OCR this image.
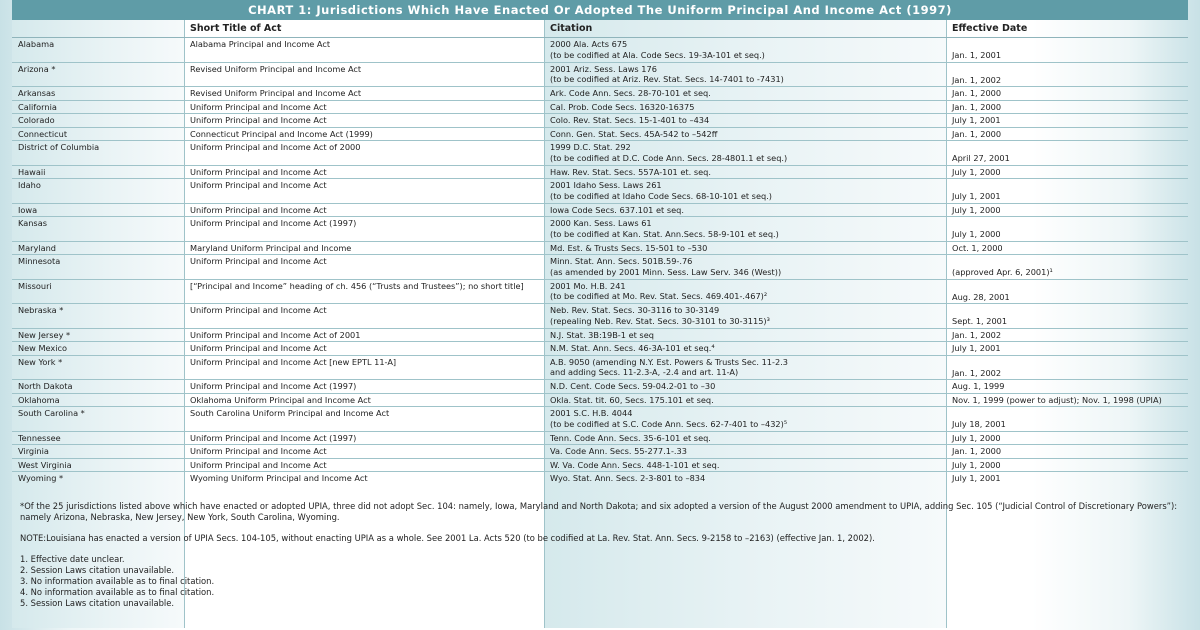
CHART 1: Jurisdictions Which Have Enacted Or Adopted The Uniform Principal And Income Act (1997)
	Short Title of Act	Citation	Effective Date
Alabama	Alabama Principal and Income Act	2000 Ala. Acts 675
(to be codified at Ala. Code Secs. 19-3A-101 et seq.)	Jan. 1, 2001
Arizona *	Revised Uniform Principal and Income Act	2001 Ariz. Sess. Laws 176
(to be codified at Ariz. Rev. Stat. Secs. 14-7401 to -7431)	Jan. 1, 2002
Arkansas	Revised Uniform Principal and Income Act	Ark. Code Ann. Secs. 28-70-101 et seq.	Jan. 1, 2000
California	Uniform Principal and Income Act	Cal. Prob. Code Secs. 16320-16375	Jan. 1, 2000
Colorado	Uniform Principal and Income Act	Colo. Rev. Stat. Secs. 15-1-401 to –434	July 1, 2001
Connecticut	Connecticut Principal and Income Act (1999)	Conn. Gen. Stat. Secs. 45A-542 to –542ff	Jan. 1, 2000
District of Columbia	Uniform Principal and Income Act of 2000	1999 D.C. Stat. 292
(to be codified at D.C. Code Ann. Secs. 28-4801.1 et seq.)	April 27, 2001
Hawaii	Uniform Principal and Income Act	Haw. Rev. Stat. Secs. 557A-101 et. seq.	July 1, 2000
Idaho	Uniform Principal and Income Act	2001 Idaho Sess. Laws 261
(to be codified at Idaho Code Secs. 68-10-101 et seq.)	July 1, 2001
Iowa	Uniform Principal and Income Act	Iowa Code Secs. 637.101 et seq.	July 1, 2000
Kansas	Uniform Principal and Income Act (1997)	2000 Kan. Sess. Laws 61
(to be codified at Kan. Stat. Ann.Secs. 58-9-101 et seq.)	July 1, 2000
Maryland	Maryland Uniform Principal and Income	Md. Est. & Trusts Secs. 15-501 to –530	Oct. 1, 2000
Minnesota	Uniform Principal and Income Act	Minn. Stat. Ann. Secs. 501B.59-.76
(as amended by 2001 Minn. Sess. Law Serv. 346 (West))	(approved Apr. 6, 2001)¹
Missouri	[“Principal and Income” heading of ch. 456 (“Trusts and Trustees”); no short title]	2001 Mo. H.B. 241
(to be codified at Mo. Rev. Stat. Secs. 469.401-.467)²	Aug. 28, 2001
Nebraska *	Uniform Principal and Income Act	Neb. Rev. Stat. Secs. 30-3116 to 30-3149
(repealing Neb. Rev. Stat. Secs. 30-3101 to 30-3115)³	Sept. 1, 2001
New Jersey *	Uniform Principal and Income Act of 2001	N.J. Stat. 3B:19B-1 et seq	Jan. 1, 2002
New Mexico	Uniform Principal and Income Act	N.M. Stat. Ann. Secs. 46-3A-101 et seq.⁴	July 1, 2001
New York *	Uniform Principal and Income Act [new EPTL 11-A]	A.B. 9050 (amending N.Y. Est. Powers & Trusts Sec. 11-2.3
and adding Secs. 11-2.3-A, -2.4 and art. 11-A)	Jan. 1, 2002
North Dakota	Uniform Principal and Income Act (1997)	N.D. Cent. Code Secs. 59-04.2-01 to –30	Aug. 1, 1999
Oklahoma	Oklahoma Uniform Principal and Income Act	Okla. Stat. tit. 60, Secs. 175.101 et seq.	Nov. 1, 1999 (power to adjust); Nov. 1, 1998 (UPIA)
South Carolina *	South Carolina Uniform Principal and Income Act	2001 S.C. H.B. 4044
(to be codified at S.C. Code Ann. Secs. 62-7-401 to –432)⁵	July 18, 2001
Tennessee	Uniform Principal and Income Act (1997)	Tenn. Code Ann. Secs. 35-6-101 et seq.	July 1, 2000
Virginia	Uniform Principal and Income Act	Va. Code Ann. Secs. 55-277.1-.33	Jan. 1, 2000
West Virginia	Uniform Principal and Income Act	W. Va. Code Ann. Secs. 448-1-101 et seq.	July 1, 2000
Wyoming *	Wyoming Uniform Principal and Income Act	Wyo. Stat. Ann. Secs. 2-3-801 to –834	July 1, 2001

*Of the 25 jurisdictions listed above which have enacted or adopted UPIA, three did not adopt Sec. 104: namely, Iowa, Maryland and North Dakota; and six adopted a version of the August 2000 amendment to UPIA, adding Sec. 105 (“Judicial Control of Discretionary Powers”): namely Arizona, Nebraska, New Jersey, New York, South Carolina, Wyoming.

NOTE:Louisiana has enacted a version of UPIA Secs. 104-105, without enacting UPIA as a whole. See 2001 La. Acts 520 (to be codified at La. Rev. Stat. Ann. Secs. 9-2158 to –2163) (effective Jan. 1, 2002).

1. Effective date unclear.
2. Session Laws citation unavailable.
3. No information available as to final citation.
4. No information available as to final citation.
5. Session Laws citation unavailable.
